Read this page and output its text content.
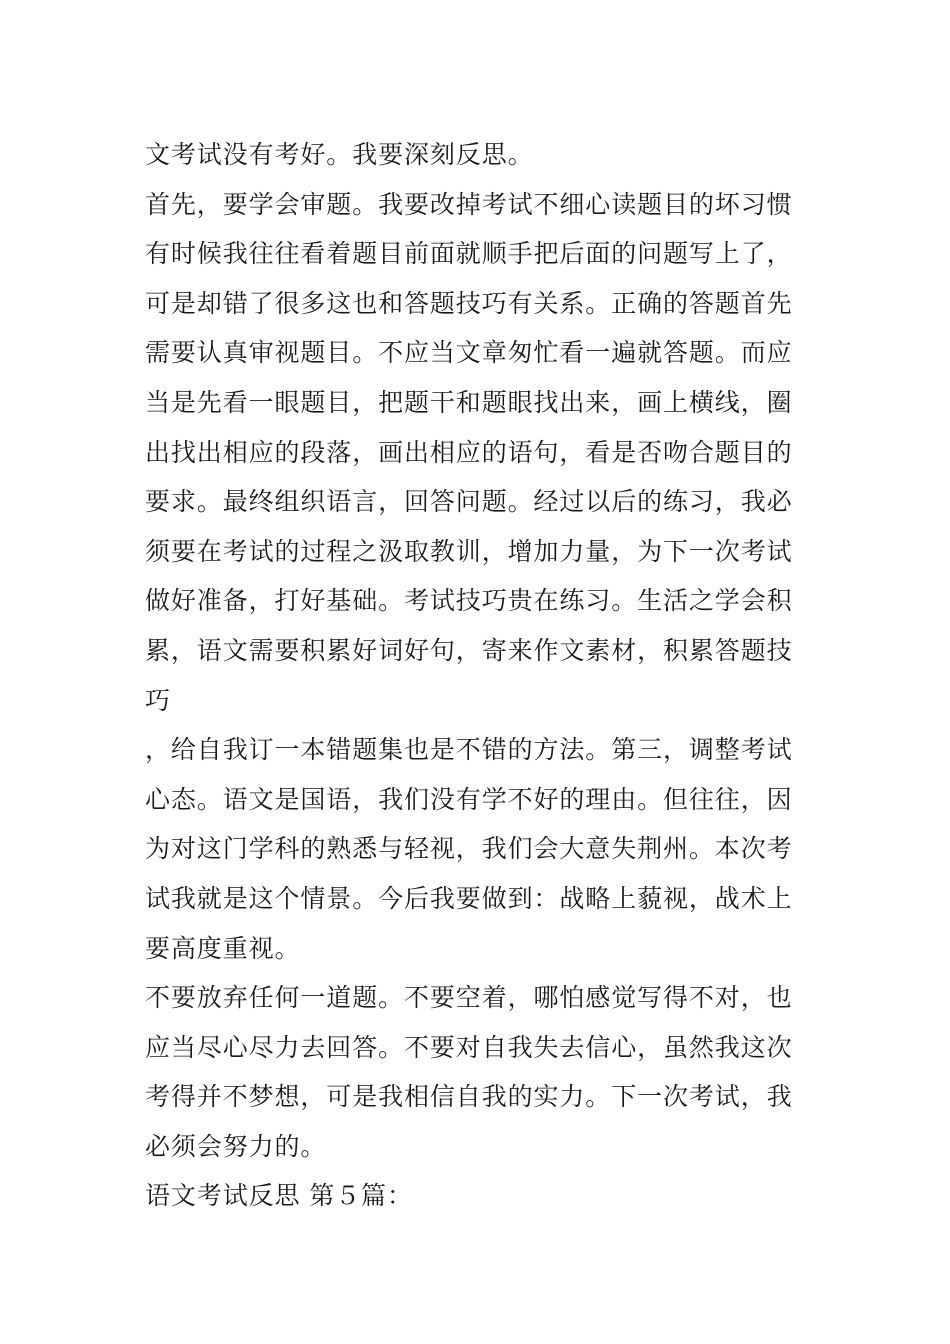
文考试没有考好。我要深刻反思。
首先，要学会审题。我要改掉考试不细心读题目的坏习惯
有时候我往往看着题目前面就顺手把后面的问题写上了，
可是却错了很多这也和答题技巧有关系。正确的答题首先
需要认真审视题目。不应当文章匆忙看一遍就答题。而应
当是先看一眼题目，把题干和题眼找出来，画上横线，圈
出找出相应的段落，画出相应的语句，看是否吻合题目的
要求。最终组织语言，回答问题。经过以后的练习，我必
须要在考试的过程之汲取教训，增加力量，为下一次考试
做好准备，打好基础。考试技巧贵在练习。生活之学会积
累，语文需要积累好词好句，寄来作文素材，积累答题技
巧
，给自我订一本错题集也是不错的方法。第三，调整考试
心态。语文是国语，我们没有学不好的理由。但往往，因
为对这门学科的熟悉与轻视，我们会大意失荆州。本次考
试我就是这个情景。今后我要做到：战略上藐视，战术上
要高度重视。
不要放弃任何一道题。不要空着，哪怕感觉写得不对，也
应当尽心尽力去回答。不要对自我失去信心，虽然我这次
考得并不梦想，可是我相信自我的实力。下一次考试，我
必须会努力的。
语文考试反思 第５篇：
